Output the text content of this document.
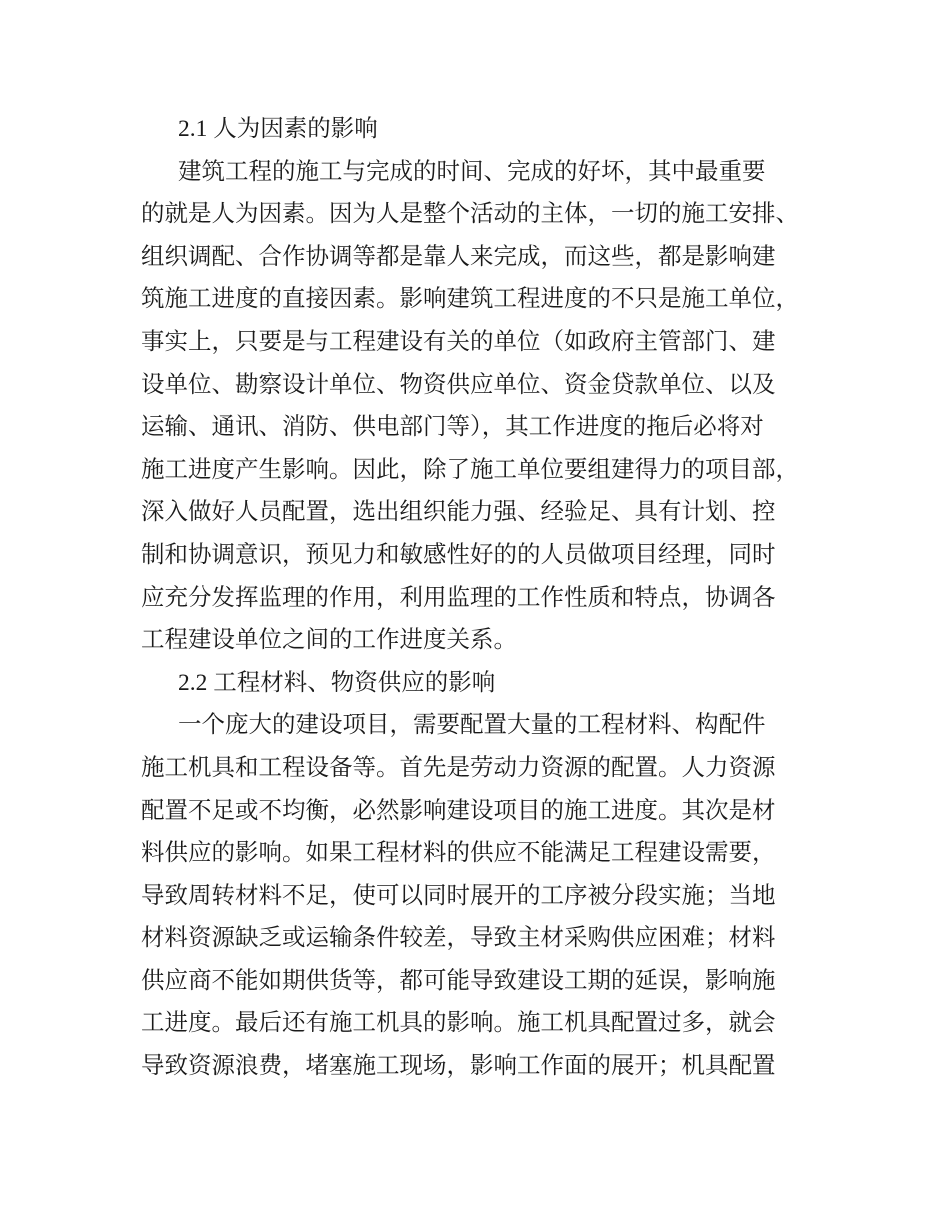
2.1 人为因素的影响
建筑工程的施工与完成的时间、完成的好坏，其中最重要
的就是人为因素。因为人是整个活动的主体，一切的施工安排、
组织调配、合作协调等都是靠人来完成，而这些，都是影响建
筑施工进度的直接因素。影响建筑工程进度的不只是施工单位，
事实上，只要是与工程建设有关的单位（如政府主管部门、建
设单位、勘察设计单位、物资供应单位、资金贷款单位、以及
运输、通讯、消防、供电部门等），其工作进度的拖后必将对
施工进度产生影响。因此，除了施工单位要组建得力的项目部，
深入做好人员配置，选出组织能力强、经验足、具有计划、控
制和协调意识，预见力和敏感性好的的人员做项目经理，同时
应充分发挥监理的作用，利用监理的工作性质和特点，协调各
工程建设单位之间的工作进度关系。
2.2 工程材料、物资供应的影响
一个庞大的建设项目，需要配置大量的工程材料、构配件
施工机具和工程设备等。首先是劳动力资源的配置。人力资源
配置不足或不均衡，必然影响建设项目的施工进度。其次是材
料供应的影响。如果工程材料的供应不能满足工程建设需要，
导致周转材料不足，使可以同时展开的工序被分段实施；当地
材料资源缺乏或运输条件较差，导致主材采购供应困难；材料
供应商不能如期供货等，都可能导致建设工期的延误，影响施
工进度。最后还有施工机具的影响。施工机具配置过多，就会
导致资源浪费，堵塞施工现场，影响工作面的展开；机具配置
